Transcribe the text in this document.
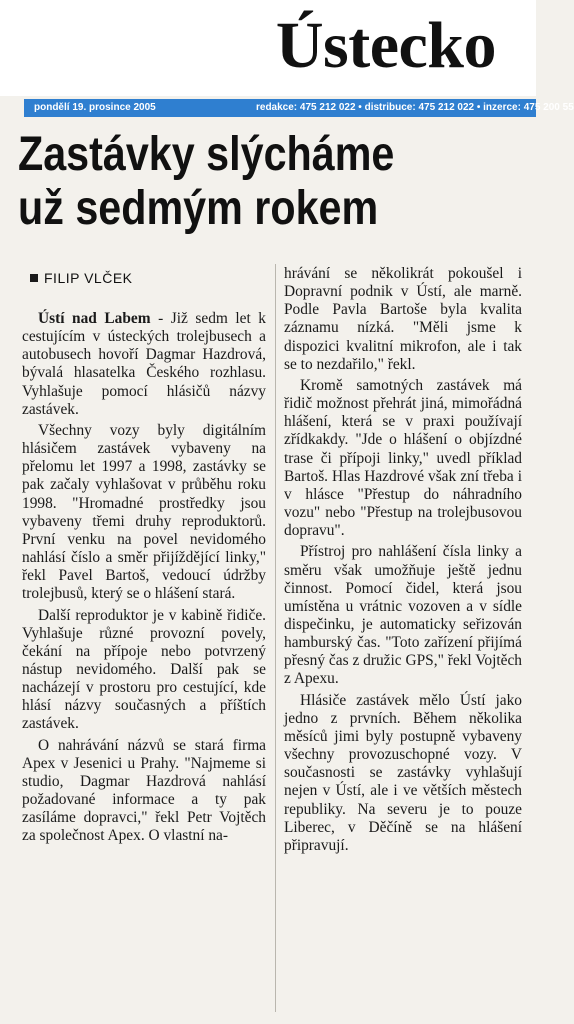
Ústecko
pondělí 19. prosince 2005	redakce: 475 212 022 • distribuce: 475 212 022 • inzerce: 475 200 55
Zastávky slýcháme
už sedmým rokem
FILIP VLČEK

Ústí nad Labem - Již sedm let k cestujícím v ústeckých trolejbusech a autobusech hovoří Dagmar Hazdrová, bývalá hlasatelka Českého rozhlasu. Vyhlašuje pomocí hlásičů názvy zastávek.

Všechny vozy byly digitálním hlásičem zastávek vybaveny na přelomu let 1997 a 1998, zastávky se pak začaly vyhlašovat v průběhu roku 1998. "Hromadné prostředky jsou vybaveny třemi druhy reproduktorů. První venku na povel nevidomého nahlásí číslo a směr přijíždějící linky," řekl Pavel Bartoš, vedoucí údržby trolejbusů, který se o hlášení stará.

Další reproduktor je v kabině řidiče. Vyhlašuje různé provozní povely, čekání na přípoje nebo potvrzený nástup nevidomého. Další pak se nacházejí v prostoru pro cestující, kde hlásí názvy současných a příštích zastávek.

O nahrávání názvů se stará firma Apex v Jesenici u Prahy. "Najmeme si studio, Dagmar Hazdrová nahlásí požadované informace a ty pak zasíláme dopravci," řekl Petr Vojtěch za společnost Apex. O vlastní na-

hrávání se několikrát pokoušel i Dopravní podnik v Ústí, ale marně. Podle Pavla Bartoše byla kvalita záznamu nízká. "Měli jsme k dispozici kvalitní mikrofon, ale i tak se to nezdařilo," řekl.

Kromě samotných zastávek má řidič možnost přehrát jiná, mimořádná hlášení, která se v praxi používají zřídkakdy. "Jde o hlášení o objízdné trase či přípoji linky," uvedl příklad Bartoš. Hlas Hazdrové však zní třeba i v hlásce "Přestup do náhradního vozu" nebo "Přestup na trolejbusovou dopravu".

Přístroj pro nahlášení čísla linky a směru však umožňuje ještě jednu činnost. Pomocí čidel, která jsou umístěna u vrátnic vozoven a v sídle dispečinku, je automaticky seřizován hamburský čas. "Toto zařízení přijímá přesný čas z družic GPS," řekl Vojtěch z Apexu.

Hlásiče zastávek mělo Ústí jako jedno z prvních. Během několika měsíců jimi byly postupně vybaveny všechny provozuschopné vozy. V současnosti se zastávky vyhlašují nejen v Ústí, ale i ve větších městech republiky. Na severu je to pouze Liberec, v Děčíně se na hlášení připravují.
